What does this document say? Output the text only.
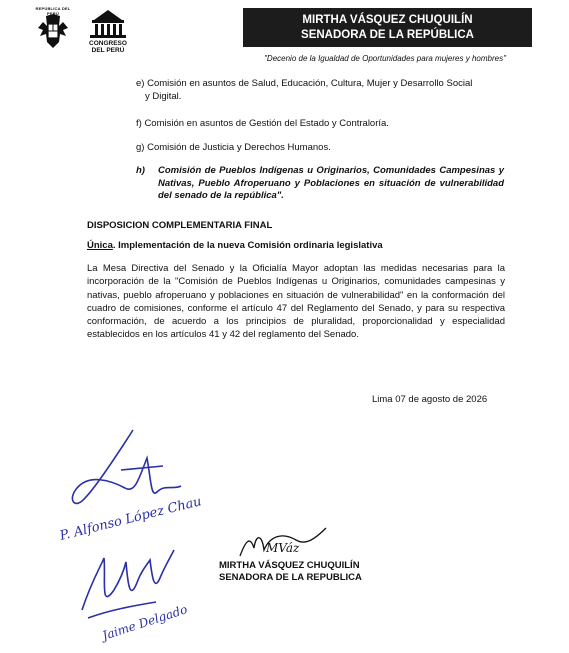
REPÚBLICA DEL PERÚ
CONGRESO
DEL PERÚ
MIRTHA VÁSQUEZ CHUQUILÍN
SENADORA DE LA REPÚBLICA
"Decenio de la Igualdad de Oportunidades para mujeres y hombres"
e) Comisión en asuntos de Salud, Educación, Cultura, Mujer y Desarrollo Social
y Digital.
f) Comisión en asuntos de Gestión del Estado y Contraloría.
g) Comisión de Justicia y Derechos Humanos.
h) Comisión de Pueblos Indígenas u Originarios, Comunidades Campesinas y Nativas, Pueblo Afroperuano y Poblaciones en situación de vulnerabilidad del senado de la república".
DISPOSICION COMPLEMENTARIA FINAL
Única. Implementación de la nueva Comisión ordinaria legislativa
La Mesa Directiva del Senado y la Oficialía Mayor adoptan las medidas necesarias para la incorporación de la "Comisión de Pueblos Indígenas u Originarios, comunidades campesinas y nativas, pueblo afroperuano y poblaciones en situación de vulnerabilidad" en la conformación del cuadro de comisiones, conforme el artículo 47 del Reglamento del Senado, y para su respectiva conformación, de acuerdo a los principios de pluralidad, proporcionalidad y especialidad establecidos en los artículos 41 y 42 del reglamento del Senado.
Lima 07 de agosto de 2026
P. Alfonso López Chau
Jaime Delgado
MVáz
MIRTHA VÁSQUEZ CHUQUILÍN
SENADORA DE LA REPUBLICA
